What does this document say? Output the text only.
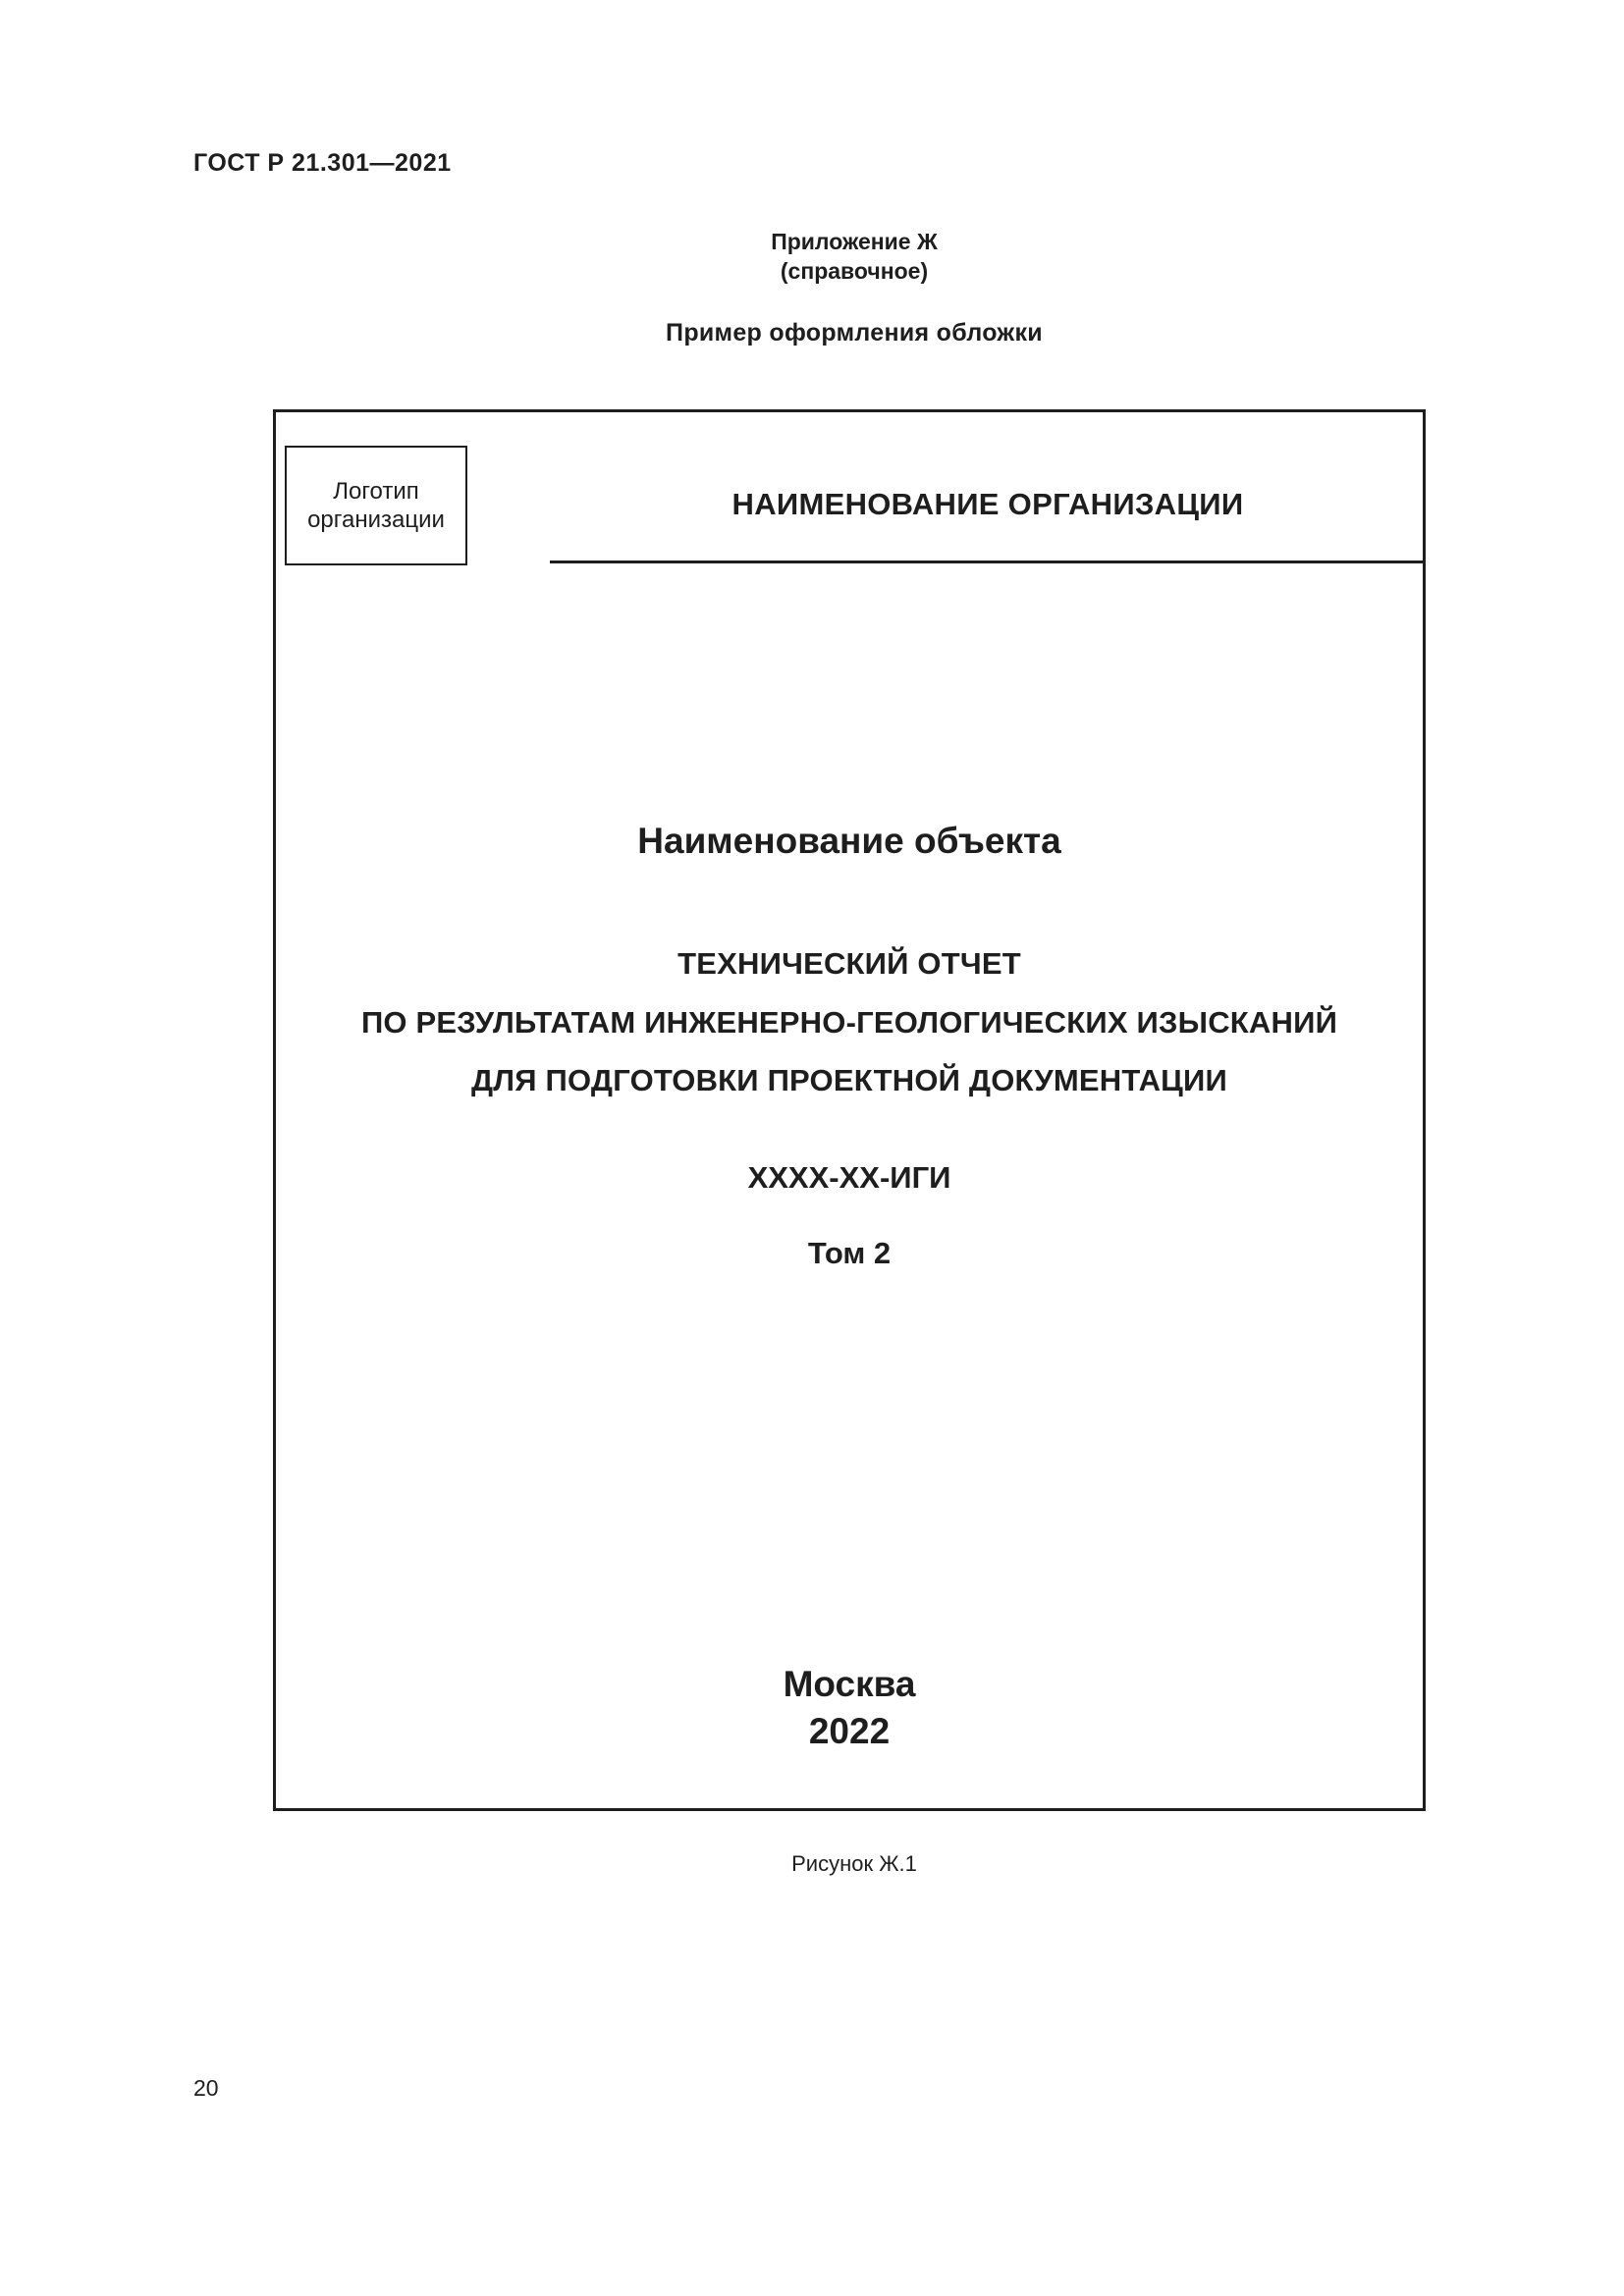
ГОСТ Р 21.301—2021
Приложение Ж
(справочное)
Пример оформления обложки
Логотип
организации	НАИМЕНОВАНИЕ ОРГАНИЗАЦИИ
Наименование объекта
ТЕХНИЧЕСКИЙ ОТЧЕТ
ПО РЕЗУЛЬТАТАМ ИНЖЕНЕРНО-ГЕОЛОГИЧЕСКИХ ИЗЫСКАНИЙ
ДЛЯ ПОДГОТОВКИ ПРОЕКТНОЙ ДОКУМЕНТАЦИИ
ХХХХ-ХХ-ИГИ
Том 2
Москва
2022
Рисунок Ж.1
20
